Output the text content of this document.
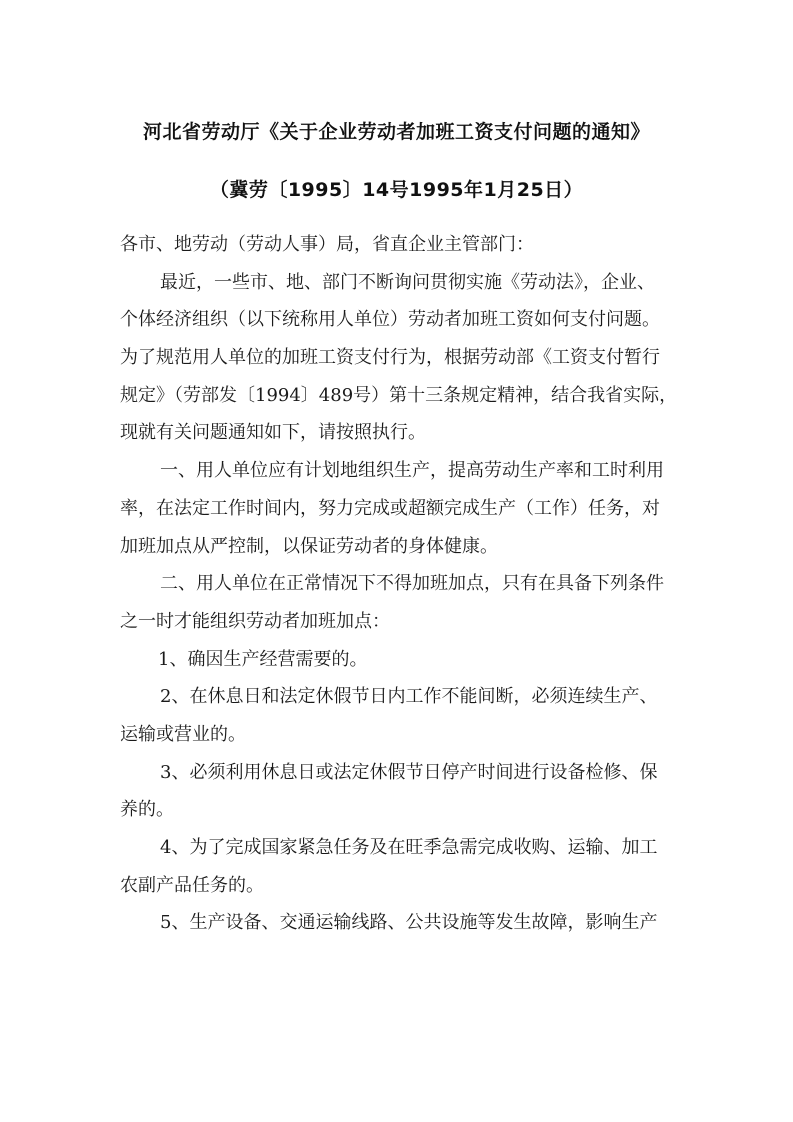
河北省劳动厅《关于企业劳动者加班工资支付问题的通知》
（冀劳〔1995〕14号1995年1月25日）
各市、地劳动（劳动人事）局，省直企业主管部门：
最近，一些市、地、部门不断询问贯彻实施《劳动法》，企业、
个体经济组织（以下统称用人单位）劳动者加班工资如何支付问题。
为了规范用人单位的加班工资支付行为，根据劳动部《工资支付暂行
规定》（劳部发〔1994〕489号）第十三条规定精神，结合我省实际，
现就有关问题通知如下，请按照执行。
一、用人单位应有计划地组织生产，提高劳动生产率和工时利用
率，在法定工作时间内，努力完成或超额完成生产（工作）任务，对
加班加点从严控制，以保证劳动者的身体健康。
二、用人单位在正常情况下不得加班加点，只有在具备下列条件
之一时才能组织劳动者加班加点：
1、确因生产经营需要的。
2、在休息日和法定休假节日内工作不能间断，必须连续生产、
运输或营业的。
3、必须利用休息日或法定休假节日停产时间进行设备检修、保
养的。
4、为了完成国家紧急任务及在旺季急需完成收购、运输、加工
农副产品任务的。
5、生产设备、交通运输线路、公共设施等发生故障，影响生产
